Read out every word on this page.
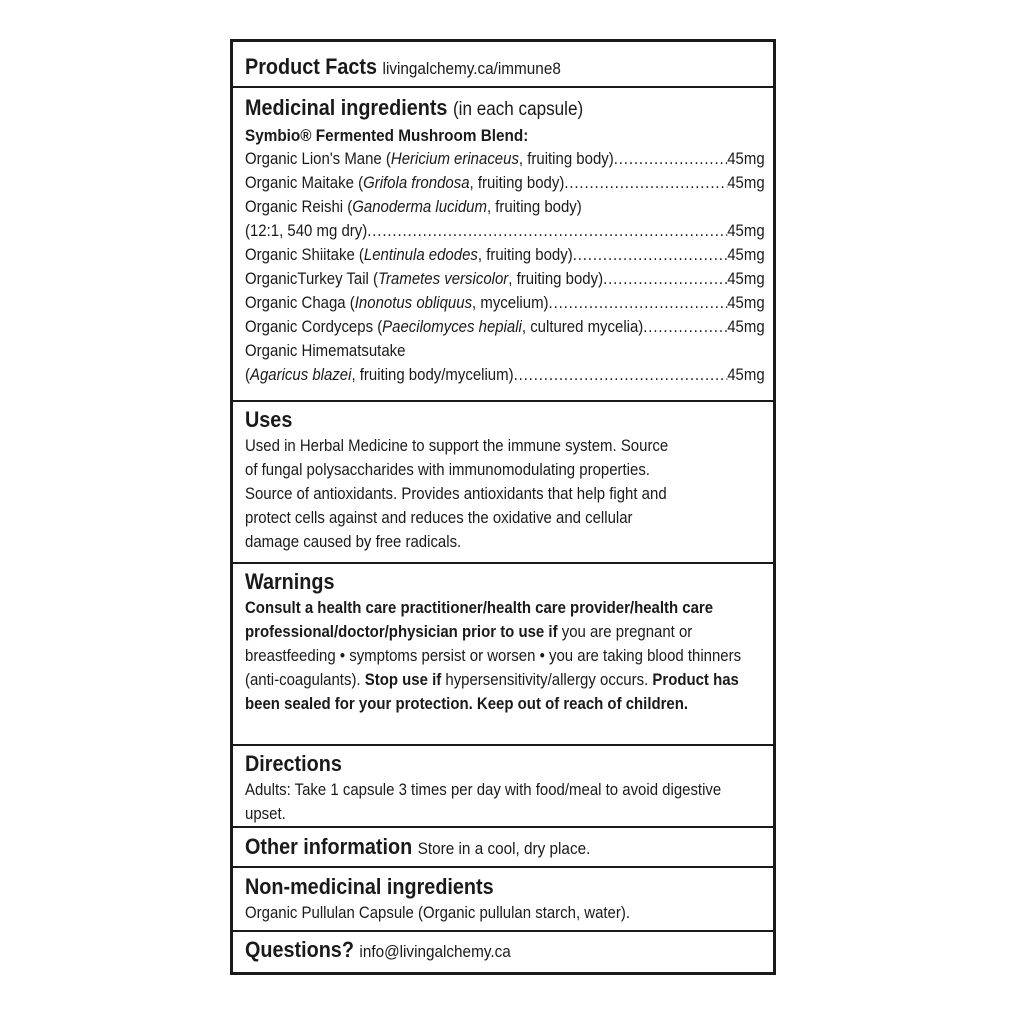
Product Facts livingalchemy.ca/immune8
Medicinal ingredients (in each capsule)
Symbio® Fermented Mushroom Blend:
Organic Lion's Mane (Hericium erinaceus, fruiting body) .....	45mg
Organic Maitake (Grifola frondosa, fruiting body) .....	45mg
Organic Reishi (Ganoderma lucidum, fruiting body)
(12:1, 540 mg dry) .....	45mg
Organic Shiitake (Lentinula edodes, fruiting body) .....	45mg
OrganicTurkey Tail (Trametes versicolor, fruiting body) .....	45mg
Organic Chaga (Inonotus obliquus, mycelium) .....	45mg
Organic Cordyceps (Paecilomyces hepiali, cultured mycelia) .....	45mg
Organic Himematsutake
(Agaricus blazei, fruiting body/mycelium) .....	45mg
Uses
Used in Herbal Medicine to support the immune system. Source
of fungal polysaccharides with immunomodulating properties.
Source of antioxidants. Provides antioxidants that help fight and
protect cells against and reduces the oxidative and cellular
damage caused by free radicals.
Warnings
Consult a health care practitioner/health care provider/health care professional/doctor/physician prior to use if you are pregnant or breastfeeding • symptoms persist or worsen • you are taking blood thinners (anti-coagulants). Stop use if hypersensitivity/allergy occurs. Product has been sealed for your protection. Keep out of reach of children.
Directions
Adults: Take 1 capsule 3 times per day with food/meal to avoid digestive upset.
Other information Store in a cool, dry place.
Non-medicinal ingredients
Organic Pullulan Capsule (Organic pullulan starch, water).
Questions? info@livingalchemy.ca
